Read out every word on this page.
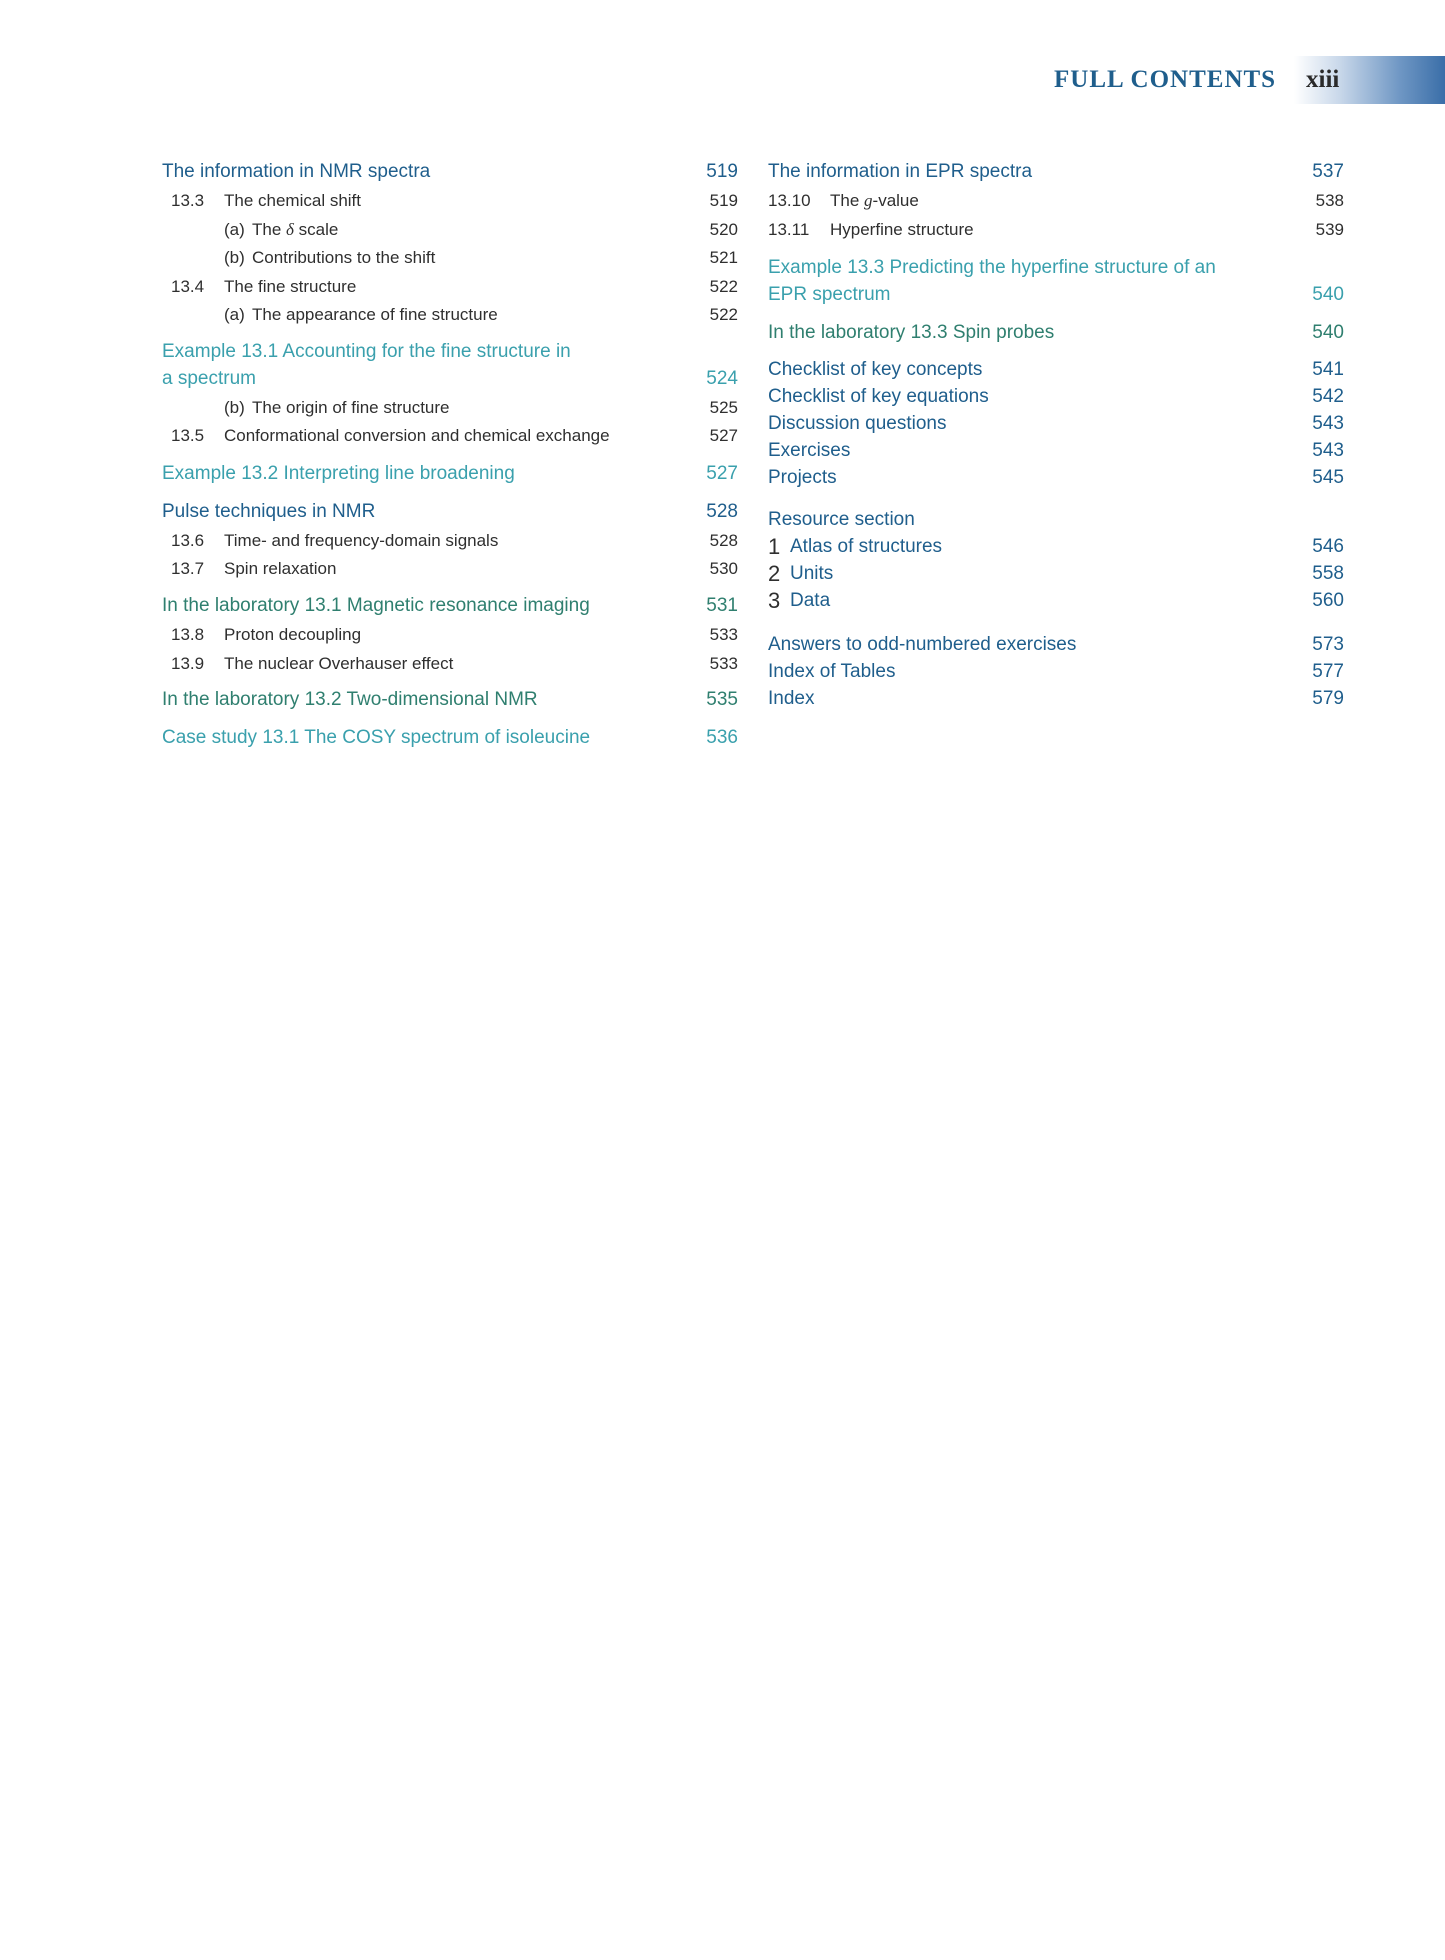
FULL CONTENTS xiii
The information in NMR spectra	519
13.3 The chemical shift	519
(a) The δ scale	520
(b) Contributions to the shift	521
13.4 The fine structure	522
(a) The appearance of fine structure	522
Example 13.1 Accounting for the fine structure in
a spectrum	524
(b) The origin of fine structure	525
13.5 Conformational conversion and chemical exchange	527
Example 13.2 Interpreting line broadening	527
Pulse techniques in NMR	528
13.6 Time- and frequency-domain signals	528
13.7 Spin relaxation	530
In the laboratory 13.1 Magnetic resonance imaging	531
13.8 Proton decoupling	533
13.9 The nuclear Overhauser effect	533
In the laboratory 13.2 Two-dimensional NMR	535
Case study 13.1 The COSY spectrum of isoleucine	536
The information in EPR spectra	537
13.10 The g-value	538
13.11 Hyperfine structure	539
Example 13.3 Predicting the hyperfine structure of an
EPR spectrum	540
In the laboratory 13.3 Spin probes	540
Checklist of key concepts	541
Checklist of key equations	542
Discussion questions	543
Exercises	543
Projects	545
Resource section
1 Atlas of structures	546
2 Units	558
3 Data	560
Answers to odd-numbered exercises	573
Index of Tables	577
Index	579
